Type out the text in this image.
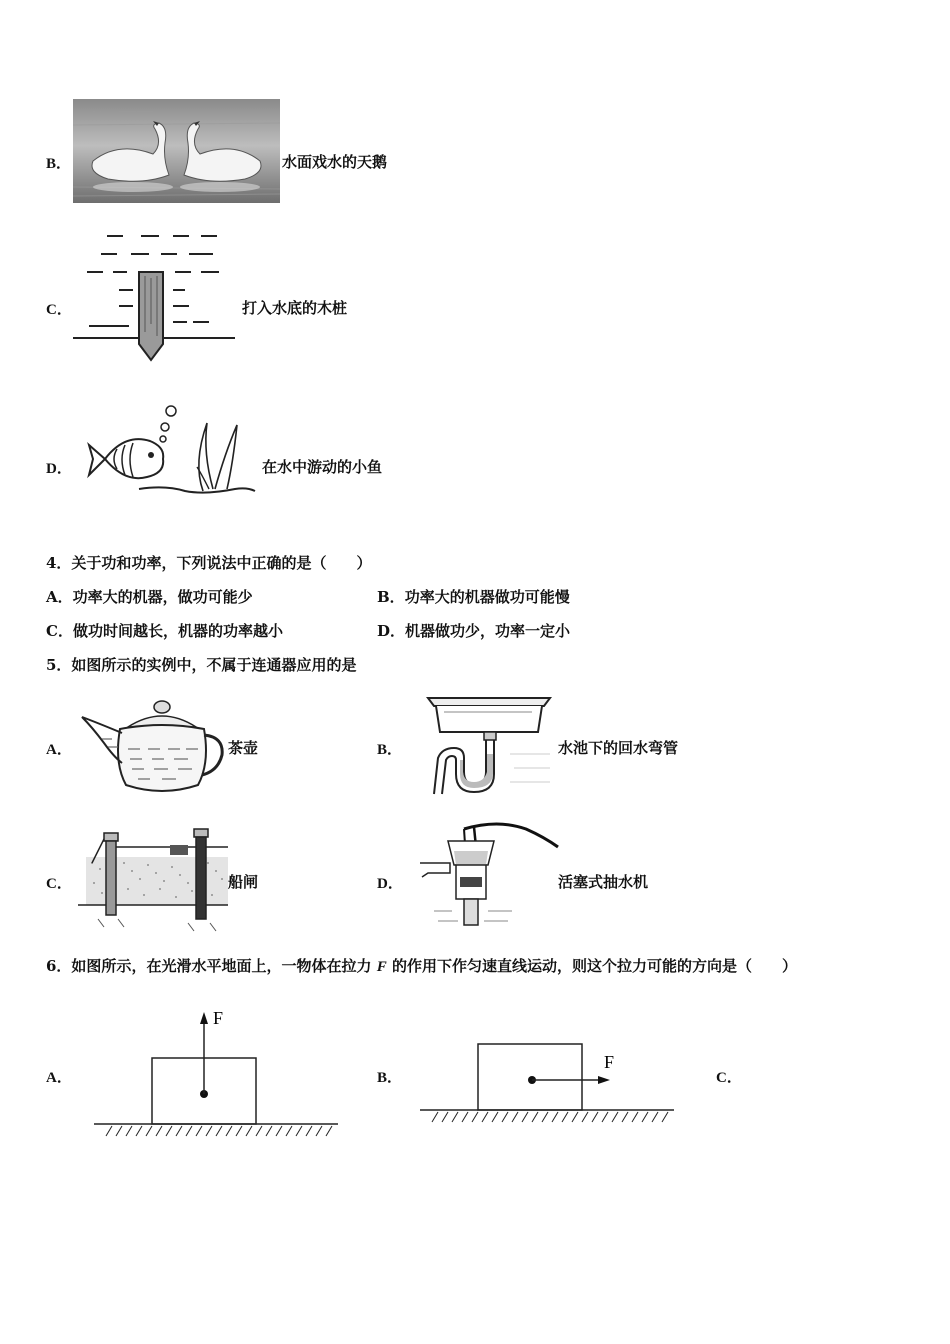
B．	水面戏水的天鹅
C．	打入水底的木桩
D．	在水中游动的小鱼
4．关于功和功率，下列说法中正确的是（　　）
A．功率大的机器，做功可能少	B．功率大的机器做功可能慢
C．做功时间越长，机器的功率越小	D．机器做功少，功率一定小
5．如图所示的实例中，不属于连通器应用的是
A．	茶壶	B．	水池下的回水弯管
C．	船闸	D．	活塞式抽水机
6．如图所示，在光滑水平地面上，一物体在拉力 F 的作用下作匀速直线运动，则这个拉力可能的方向是（　　）
A．
F
B．
F
C．
